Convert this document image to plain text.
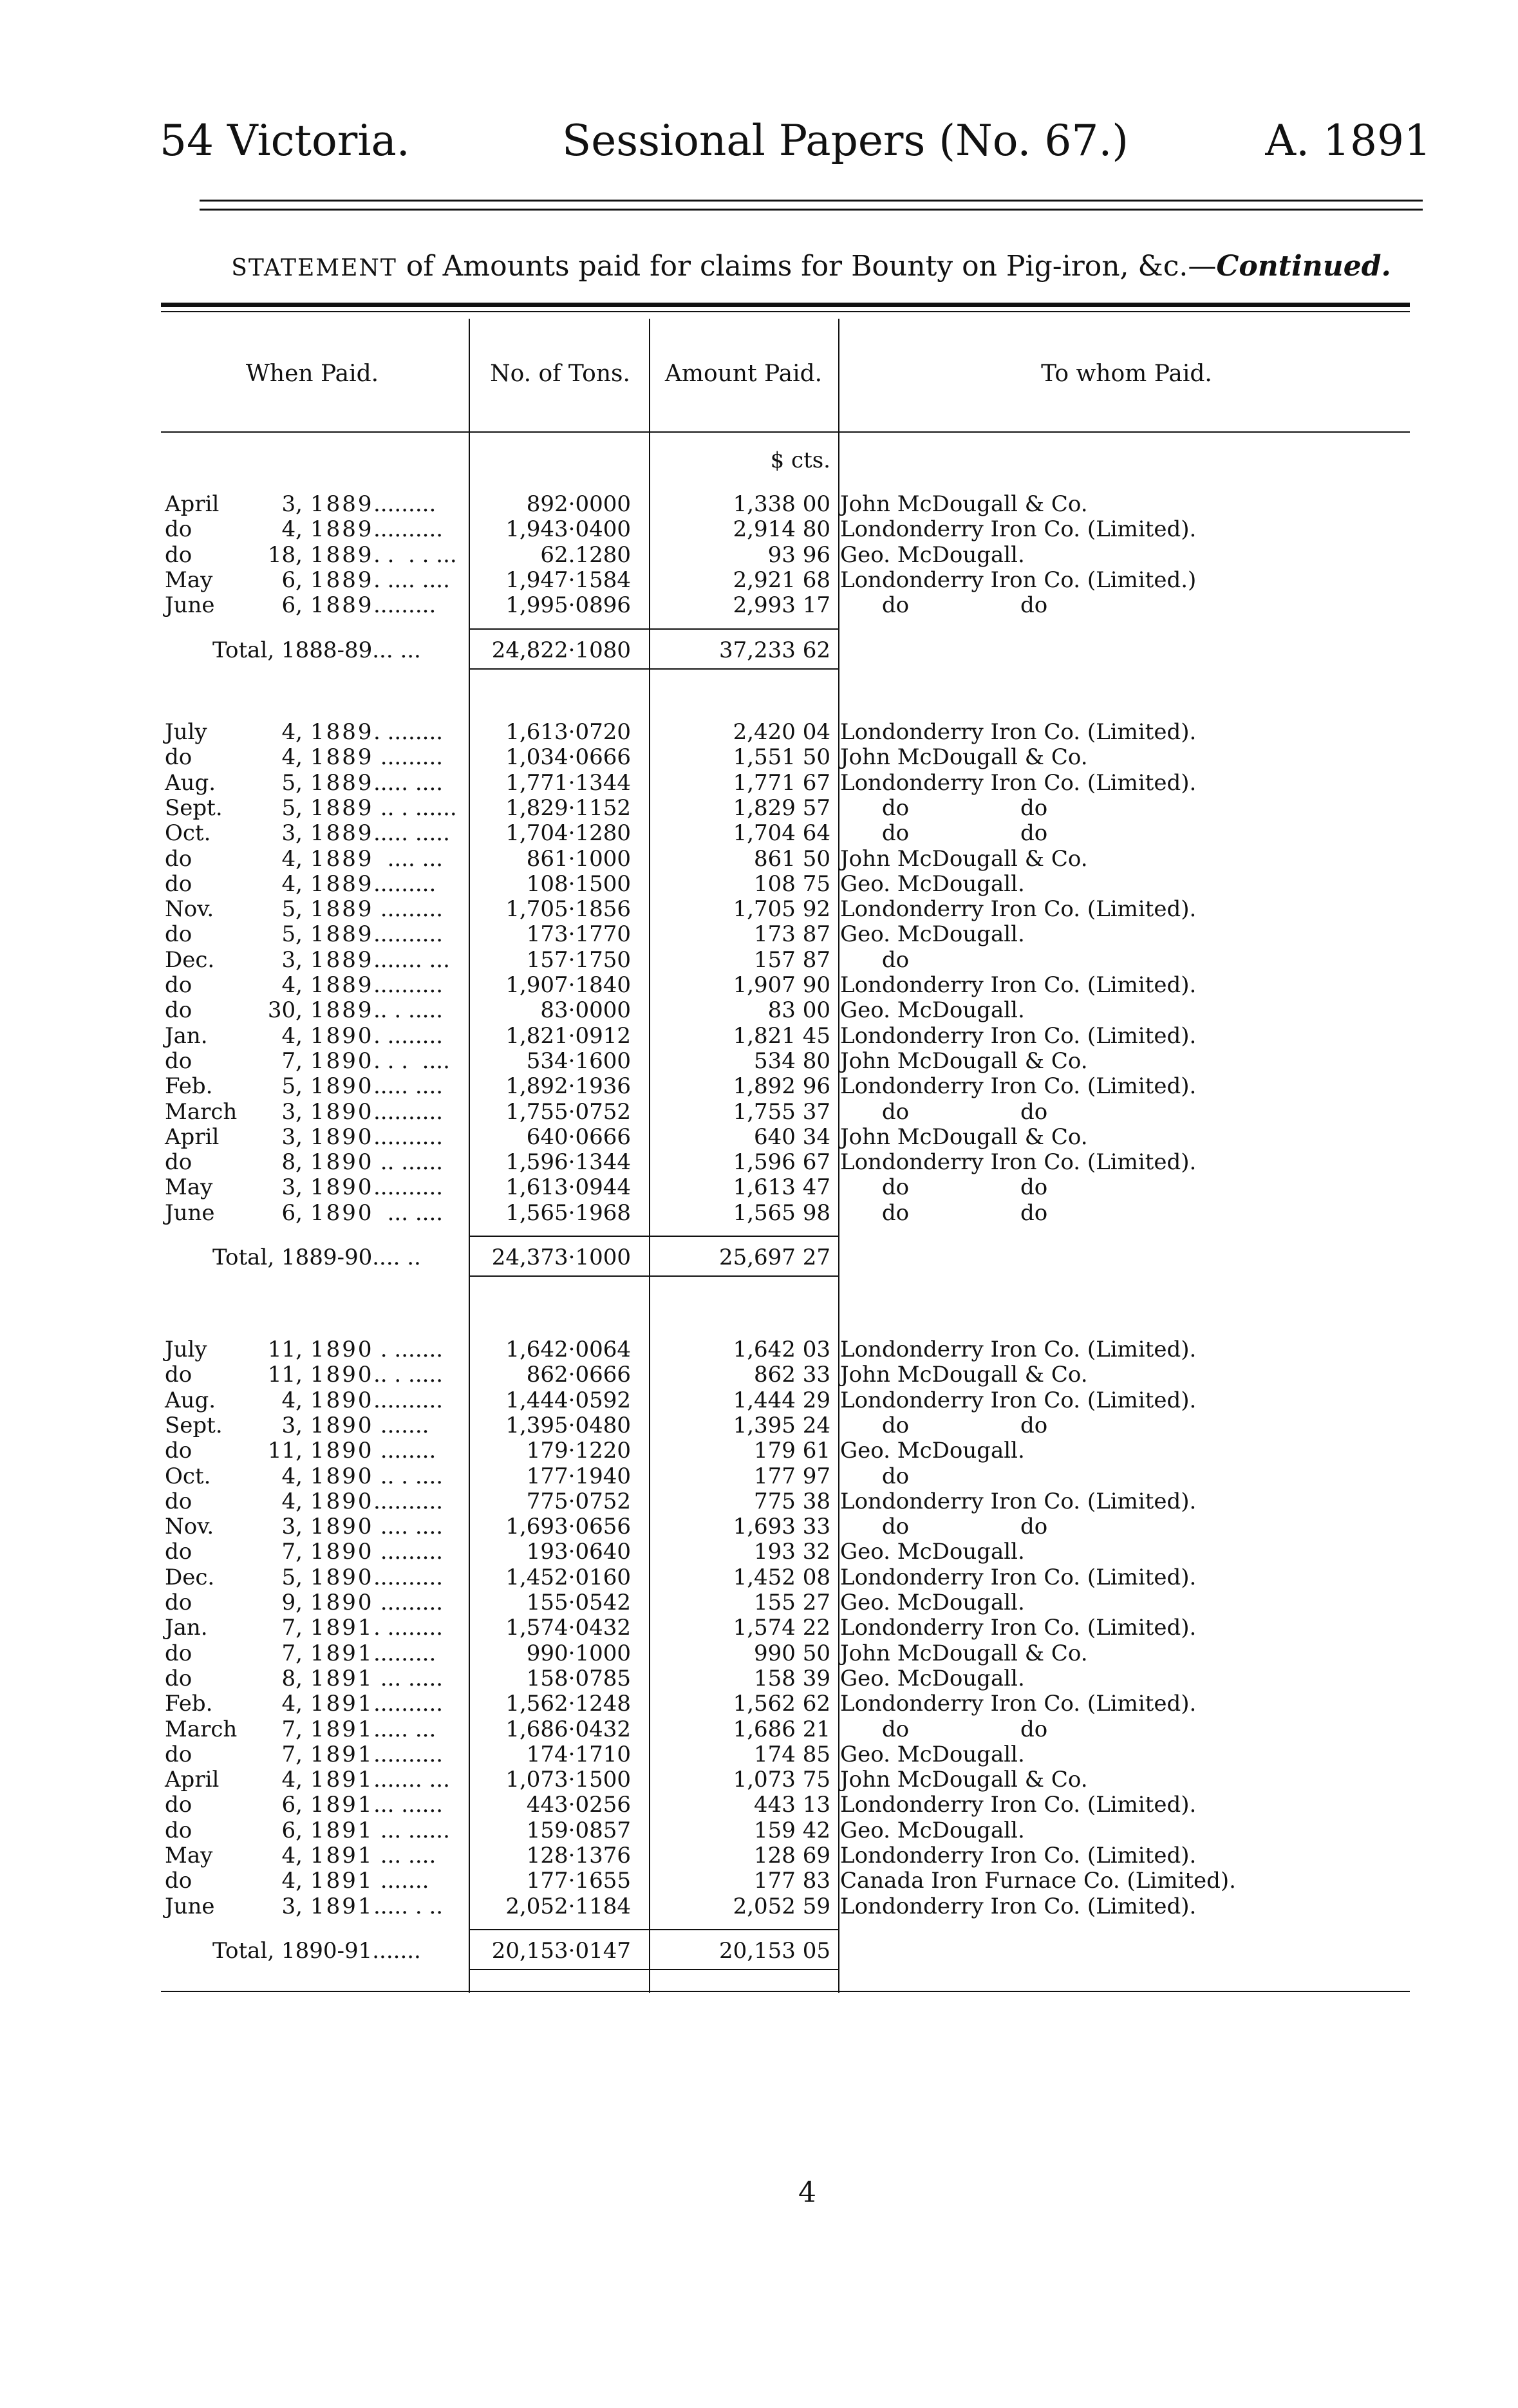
54 Victoria.	Sessional Papers (No. 67.)	A. 1891
STATEMENT of Amounts paid for claims for Bounty on Pig-iron, &c.—Continued.
When Paid.	No. of Tons.	Amount Paid.	To whom Paid.
$ cts.
April	3, 1889 .........	892·0000	1,338 00 John McDougall & Co.
do	4, 1889 ..........	1,943·0400	2,914 80 Londonderry Iron Co. (Limited).
do	18, 1889 . .  . . ...	62.1280	93 96 Geo. McDougall.
May	6, 1889 . .... ....	1,947·1584	2,921 68 Londonderry Iron Co. (Limited.)
June	6, 1889 .........	1,995·0896	2,993 17 do                do
Total, 1888-89... ...	24,822·1080	37,233 62
July	4, 1889 . ........	1,613·0720	2,420 04 Londonderry Iron Co. (Limited).
do	4, 1889 .........	1,034·0666	1,551 50 John McDougall & Co.
Aug.	5, 1889 ..... ....	1,771·1344	1,771 67 Londonderry Iron Co. (Limited).
Sept.	5, 1889 .. . ......	1,829·1152	1,829 57 do                do
Oct.	3, 1889 ..... .....	1,704·1280	1,704 64 do                do
do	4, 1889 .... ...	861·1000	861 50 John McDougall & Co.
do	4, 1889 .........	108·1500	108 75 Geo. McDougall.
Nov.	5, 1889 .........	1,705·1856	1,705 92 Londonderry Iron Co. (Limited).
do	5, 1889 ..........	173·1770	173 87 Geo. McDougall.
Dec.	3, 1889 ....... ...	157·1750	157 87 do
do	4, 1889 ..........	1,907·1840	1,907 90 Londonderry Iron Co. (Limited).
do	30, 1889 .. . .....	83·0000	83 00 Geo. McDougall.
Jan.	4, 1890 . ........	1,821·0912	1,821 45 Londonderry Iron Co. (Limited).
do	7, 1890 . . .  ....	534·1600	534 80 John McDougall & Co.
Feb.	5, 1890 ..... ....	1,892·1936	1,892 96 Londonderry Iron Co. (Limited).
March	3, 1890 ..........	1,755·0752	1,755 37 do                do
April	3, 1890 ..........	640·0666	640 34 John McDougall & Co.
do	8, 1890 .. ......	1,596·1344	1,596 67 Londonderry Iron Co. (Limited).
May	3, 1890 ..........	1,613·0944	1,613 47 do                do
June	6, 1890 ... ....	1,565·1968	1,565 98 do                do
Total, 1889-90.... ..	24,373·1000	25,697 27
July	11, 1890 . .......	1,642·0064	1,642 03 Londonderry Iron Co. (Limited).
do	11, 1890 .. . .....	862·0666	862 33 John McDougall & Co.
Aug.	4, 1890 ..........	1,444·0592	1,444 29 Londonderry Iron Co. (Limited).
Sept.	3, 1890 .......	1,395·0480	1,395 24 do                do
do	11, 1890 ........	179·1220	179 61 Geo. McDougall.
Oct.	4, 1890 .. . ....	177·1940	177 97 do
do	4, 1890 ..........	775·0752	775 38 Londonderry Iron Co. (Limited).
Nov.	3, 1890 .... ....	1,693·0656	1,693 33 do                do
do	7, 1890 .........	193·0640	193 32 Geo. McDougall.
Dec.	5, 1890 ..........	1,452·0160	1,452 08 Londonderry Iron Co. (Limited).
do	9, 1890 .........	155·0542	155 27 Geo. McDougall.
Jan.	7, 1891 . ........	1,574·0432	1,574 22 Londonderry Iron Co. (Limited).
do	7, 1891 .........	990·1000	990 50 John McDougall & Co.
do	8, 1891 ... .....	158·0785	158 39 Geo. McDougall.
Feb.	4, 1891 ..........	1,562·1248	1,562 62 Londonderry Iron Co. (Limited).
March	7, 1891 ..... ...	1,686·0432	1,686 21 do                do
do	7, 1891 ..........	174·1710	174 85 Geo. McDougall.
April	4, 1891 ....... ...	1,073·1500	1,073 75 John McDougall & Co.
do	6, 1891 ... ......	443·0256	443 13 Londonderry Iron Co. (Limited).
do	6, 1891 ... ......	159·0857	159 42 Geo. McDougall.
May	4, 1891 ... ....	128·1376	128 69 Londonderry Iron Co. (Limited).
do	4, 1891 .......	177·1655	177 83 Canada Iron Furnace Co. (Limited).
June	3, 1891 ..... . ..	2,052·1184	2,052 59 Londonderry Iron Co. (Limited).
Total, 1890-91.......	20,153·0147	20,153 05
4
